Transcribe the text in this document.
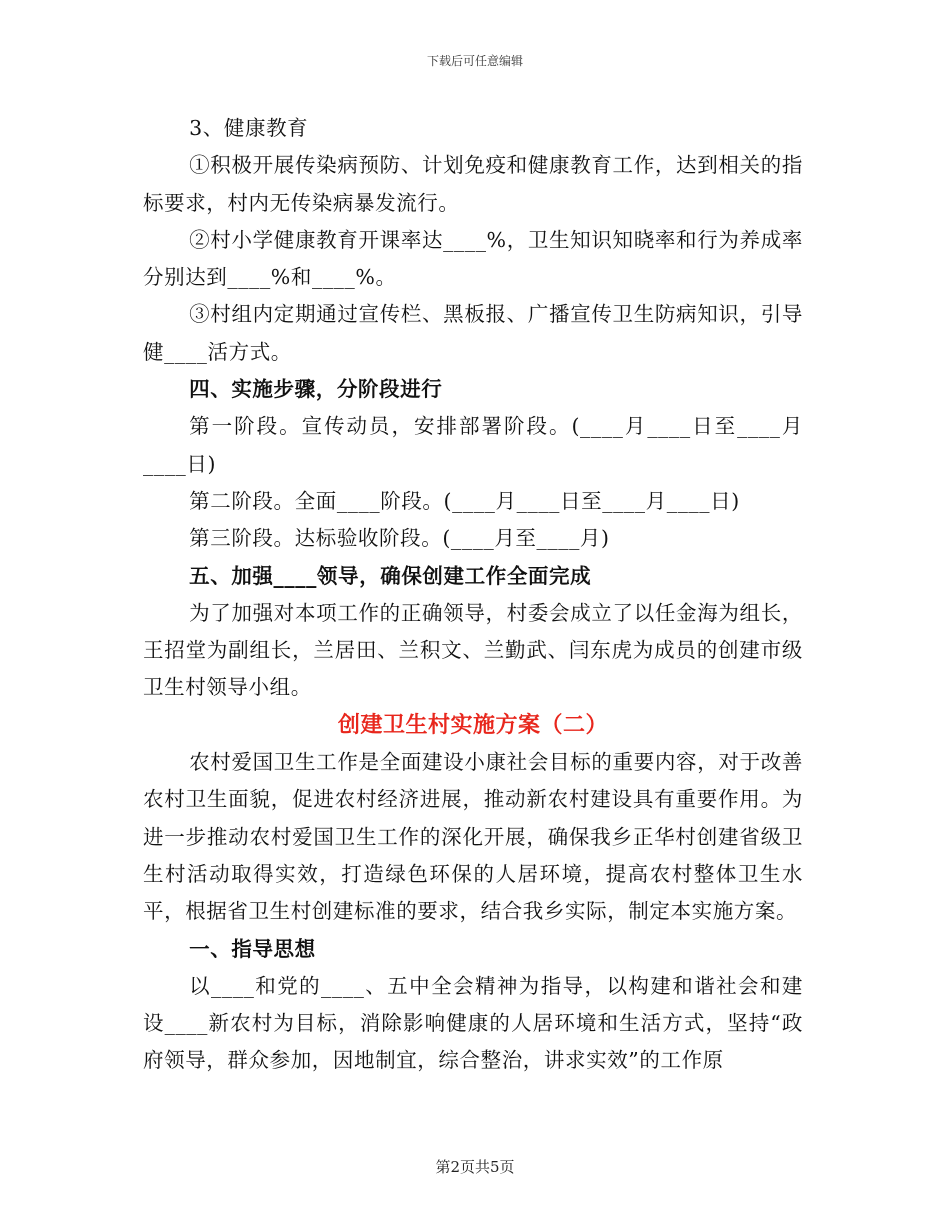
下载后可任意编辑

3、健康教育

①积极开展传染病预防、计划免疫和健康教育工作，达到相关的指标要求，村内无传染病暴发流行。

②村小学健康教育开课率达____%，卫生知识知晓率和行为养成率分别达到____%和____%。

③村组内定期通过宣传栏、黑板报、广播宣传卫生防病知识，引导健____活方式。

四、实施步骤，分阶段进行

第一阶段。宣传动员，安排部署阶段。(____月____日至____月____日)

第二阶段。全面____阶段。(____月____日至____月____日)

第三阶段。达标验收阶段。(____月至____月)

五、加强____领导，确保创建工作全面完成

为了加强对本项工作的正确领导，村委会成立了以任金海为组长，王招堂为副组长，兰居田、兰积文、兰勤武、闫东虎为成员的创建市级卫生村领导小组。

创建卫生村实施方案（二）

农村爱国卫生工作是全面建设小康社会目标的重要内容，对于改善农村卫生面貌，促进农村经济进展，推动新农村建设具有重要作用。为进一步推动农村爱国卫生工作的深化开展，确保我乡正华村创建省级卫生村活动取得实效，打造绿色环保的人居环境，提高农村整体卫生水平，根据省卫生村创建标准的要求，结合我乡实际，制定本实施方案。

一、指导思想

以____和党的____、五中全会精神为指导，以构建和谐社会和建设____新农村为目标，消除影响健康的人居环境和生活方式，坚持“政府领导，群众参加，因地制宜，综合整治，讲求实效”的工作原

第2页共5页
